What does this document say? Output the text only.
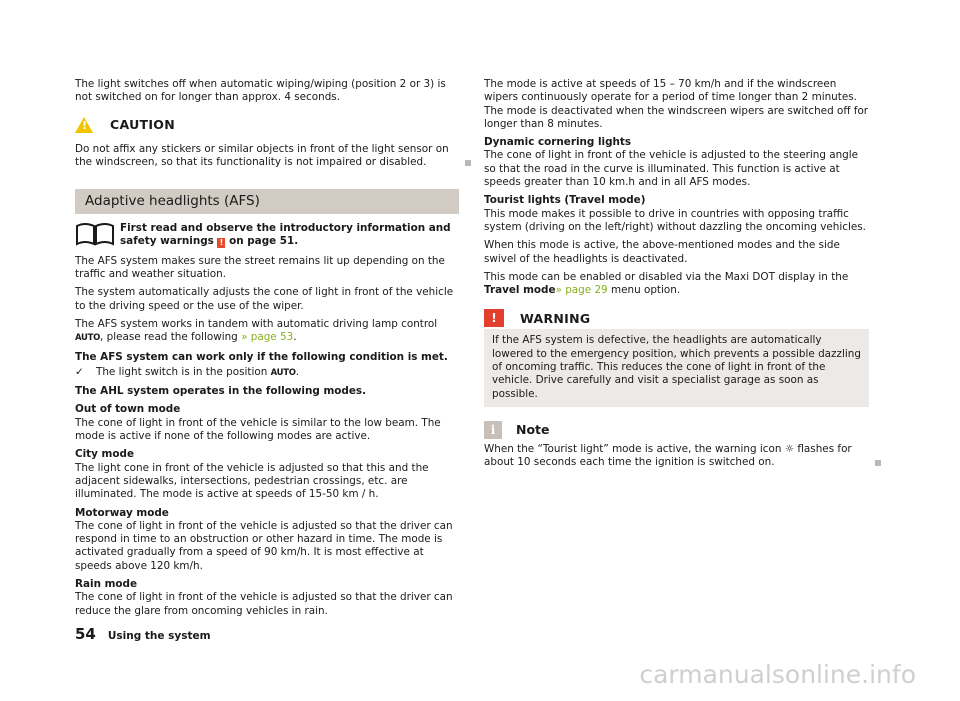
The light switches off when automatic wiping/wiping (position 2 or 3) is not switched on for longer than approx. 4 seconds.

! CAUTION

Do not affix any stickers or similar objects in front of the light sensor on the windscreen, so that its functionality is not impaired or disabled.

Adaptive headlights (AFS)

First read and observe the introductory information and safety warnings ! on page 51.

The AFS system makes sure the street remains lit up depending on the traffic and weather situation.

The system automatically adjusts the cone of light in front of the vehicle to the driving speed or the use of the wiper.

The AFS system works in tandem with automatic driving lamp control AUTO, please read the following » page 53.

The AFS system can work only if the following condition is met.

✓	The light switch is in the position AUTO.

The AHL system operates in the following modes.

Out of town mode

The cone of light in front of the vehicle is similar to the low beam. The mode is active if none of the following modes are active.

City mode

The light cone in front of the vehicle is adjusted so that this and the adjacent sidewalks, intersections, pedestrian crossings, etc. are illuminated. The mode is active at speeds of 15-50 km / h.

Motorway mode

The cone of light in front of the vehicle is adjusted so that the driver can respond in time to an obstruction or other hazard in time. The mode is activated gradually from a speed of 90 km/h. It is most effective at speeds above 120 km/h.

Rain mode

The cone of light in front of the vehicle is adjusted so that the driver can reduce the glare from oncoming vehicles in rain.

The mode is active at speeds of 15 – 70 km/h and if the windscreen wipers continuously operate for a period of time longer than 2 minutes. The mode is deactivated when the windscreen wipers are switched off for longer than 8 minutes.

Dynamic cornering lights

The cone of light in front of the vehicle is adjusted to the steering angle so that the road in the curve is illuminated. This function is active at speeds greater than 10 km.h and in all AFS modes.

Tourist lights (Travel mode)

This mode makes it possible to drive in countries with opposing traffic system (driving on the left/right) without dazzling the oncoming vehicles.

When this mode is active, the above-mentioned modes and the side swivel of the headlights is deactivated.

This mode can be enabled or disabled via the Maxi DOT display in the Travel mode» page 29 menu option.

!	WARNING

If the AFS system is defective, the headlights are automatically lowered to the emergency position, which prevents a possible dazzling of oncoming traffic. This reduces the cone of light in front of the vehicle. Drive carefully and visit a specialist garage as soon as possible.

i	Note

When the “Tourist light” mode is active, the warning icon ☼ flashes for about 10 seconds each time the ignition is switched on.

54 Using the system
carmanualsonline.info
